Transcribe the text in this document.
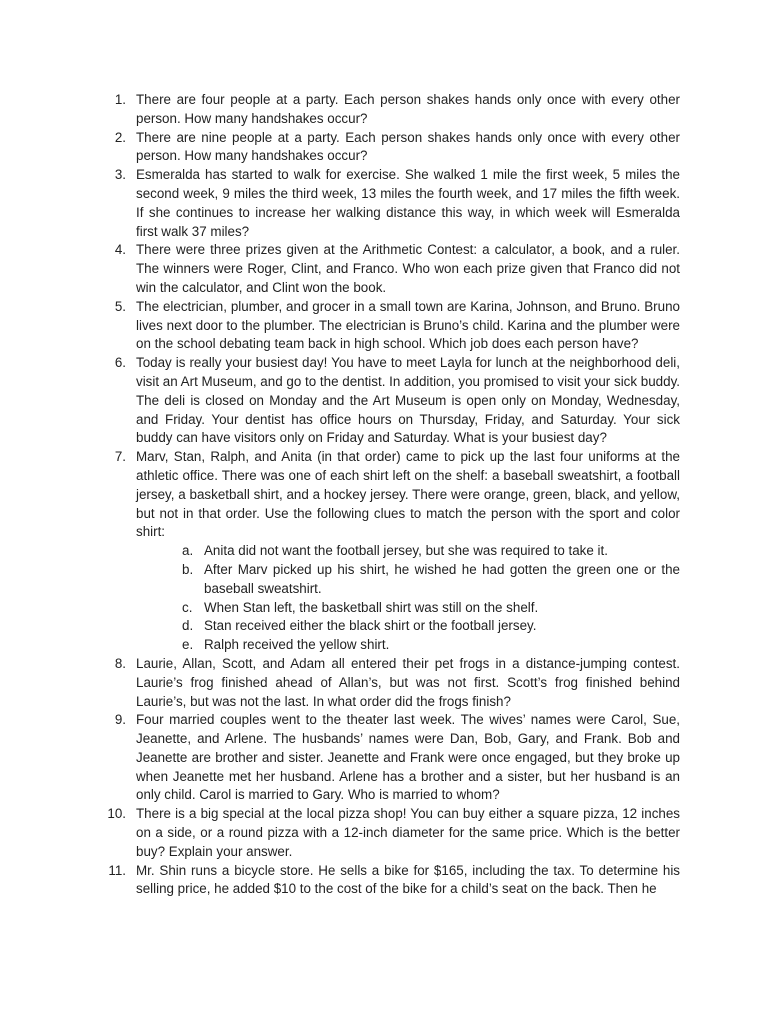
1. There are four people at a party. Each person shakes hands only once with every other person. How many handshakes occur?
2. There are nine people at a party. Each person shakes hands only once with every other person. How many handshakes occur?
3. Esmeralda has started to walk for exercise. She walked 1 mile the first week, 5 miles the second week, 9 miles the third week, 13 miles the fourth week, and 17 miles the fifth week. If she continues to increase her walking distance this way, in which week will Esmeralda first walk 37 miles?
4. There were three prizes given at the Arithmetic Contest: a calculator, a book, and a ruler. The winners were Roger, Clint, and Franco. Who won each prize given that Franco did not win the calculator, and Clint won the book.
5. The electrician, plumber, and grocer in a small town are Karina, Johnson, and Bruno. Bruno lives next door to the plumber. The electrician is Bruno’s child. Karina and the plumber were on the school debating team back in high school. Which job does each person have?
6. Today is really your busiest day! You have to meet Layla for lunch at the neighborhood deli, visit an Art Museum, and go to the dentist. In addition, you promised to visit your sick buddy. The deli is closed on Monday and the Art Museum is open only on Monday, Wednesday, and Friday. Your dentist has office hours on Thursday, Friday, and Saturday. Your sick buddy can have visitors only on Friday and Saturday. What is your busiest day?
7. Marv, Stan, Ralph, and Anita (in that order) came to pick up the last four uniforms at the athletic office. There was one of each shirt left on the shelf: a baseball sweatshirt, a football jersey, a basketball shirt, and a hockey jersey. There were orange, green, black, and yellow, but not in that order. Use the following clues to match the person with the sport and color shirt:
a. Anita did not want the football jersey, but she was required to take it.
b. After Marv picked up his shirt, he wished he had gotten the green one or the baseball sweatshirt.
c. When Stan left, the basketball shirt was still on the shelf.
d. Stan received either the black shirt or the football jersey.
e. Ralph received the yellow shirt.
8. Laurie, Allan, Scott, and Adam all entered their pet frogs in a distance-jumping contest. Laurie’s frog finished ahead of Allan’s, but was not first. Scott’s frog finished behind Laurie’s, but was not the last. In what order did the frogs finish?
9. Four married couples went to the theater last week. The wives’ names were Carol, Sue, Jeanette, and Arlene. The husbands’ names were Dan, Bob, Gary, and Frank. Bob and Jeanette are brother and sister. Jeanette and Frank were once engaged, but they broke up when Jeanette met her husband. Arlene has a brother and a sister, but her husband is an only child. Carol is married to Gary. Who is married to whom?
10. There is a big special at the local pizza shop! You can buy either a square pizza, 12 inches on a side, or a round pizza with a 12-inch diameter for the same price. Which is the better buy? Explain your answer.
11. Mr. Shin runs a bicycle store. He sells a bike for $165, including the tax. To determine his selling price, he added $10 to the cost of the bike for a child’s seat on the back. Then he
